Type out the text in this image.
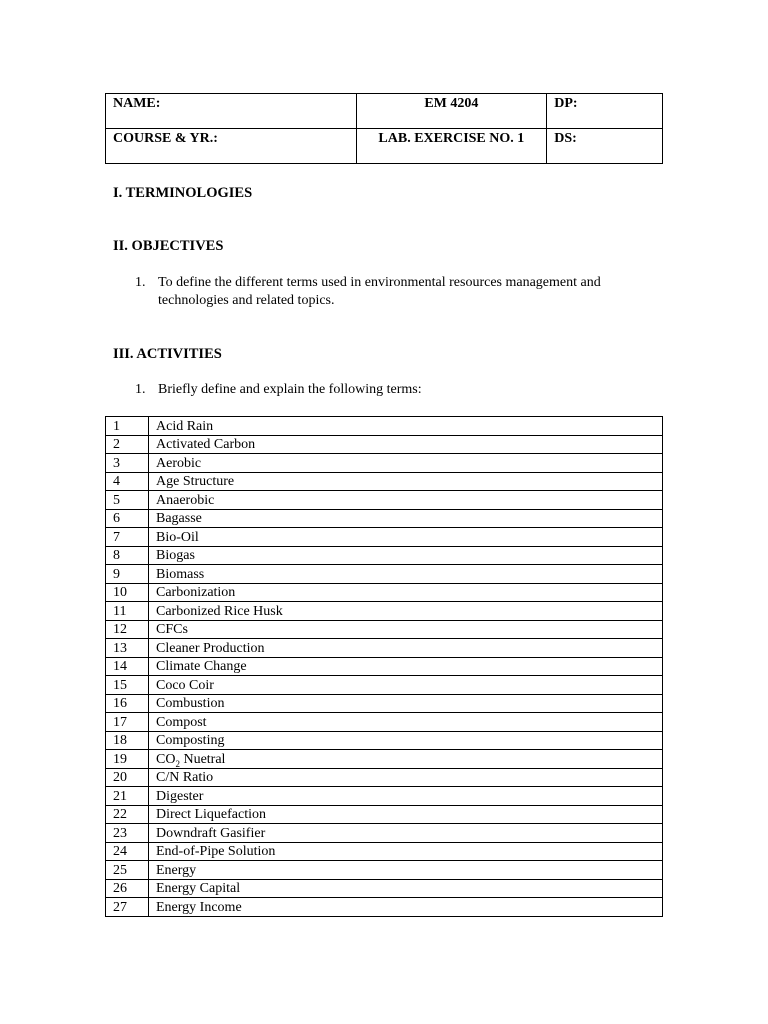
NAME:	EM 4204	DP:
COURSE & YR.:	LAB. EXERCISE NO. 1	DS:
I. TERMINOLOGIES
II. OBJECTIVES
1. To define the different terms used in environmental resources management and
technologies and related topics.
III. ACTIVITIES
1. Briefly define and explain the following terms:
1	Acid Rain
2	Activated Carbon
3	Aerobic
4	Age Structure
5	Anaerobic
6	Bagasse
7	Bio-Oil
8	Biogas
9	Biomass
10	Carbonization
11	Carbonized Rice Husk
12	CFCs
13	Cleaner Production
14	Climate Change
15	Coco Coir
16	Combustion
17	Compost
18	Composting
19	$CO_2$ Nuetral
20	C/N Ratio
21	Digester
22	Direct Liquefaction
23	Downdraft Gasifier
24	End-of-Pipe Solution
25	Energy
26	Energy Capital
27	Energy Income
